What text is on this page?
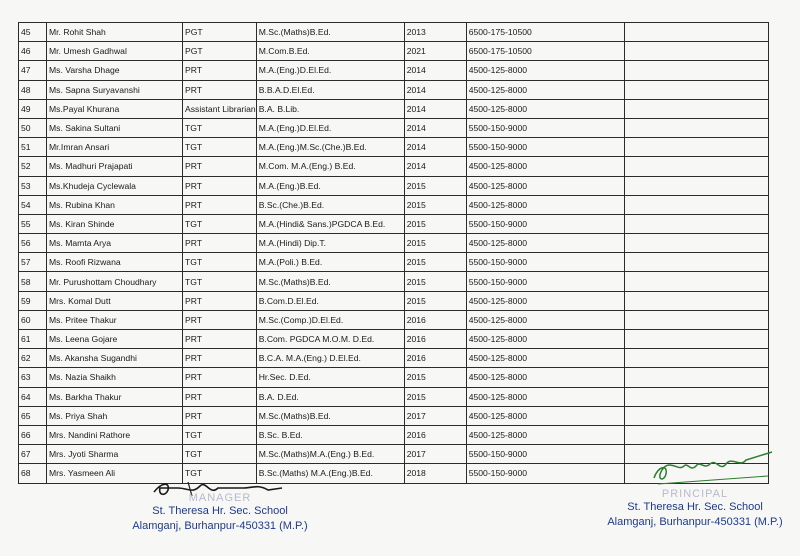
45	Mr. Rohit Shah	PGT	M.Sc.(Maths)B.Ed.	2013	6500-175-10500	
46	Mr. Umesh Gadhwal	PGT	M.Com.B.Ed.	2021	6500-175-10500	
47	Ms. Varsha Dhage	PRT	M.A.(Eng.)D.El.Ed.	2014	4500-125-8000	
48	Ms. Sapna Suryavanshi	PRT	B.B.A.D.El.Ed.	2014	4500-125-8000	
49	Ms.Payal Khurana	Assistant Librarian	B.A. B.Lib.	2014	4500-125-8000	
50	Ms. Sakina Sultani	TGT	M.A.(Eng.)D.El.Ed.	2014	5500-150-9000	
51	Mr.Imran Ansari	TGT	M.A.(Eng.)M.Sc.(Che.)B.Ed.	2014	5500-150-9000	
52	Ms. Madhuri Prajapati	PRT	M.Com. M.A.(Eng.) B.Ed.	2014	4500-125-8000	
53	Ms.Khudeja Cyclewala	PRT	M.A.(Eng.)B.Ed.	2015	4500-125-8000	
54	Ms. Rubina Khan	PRT	B.Sc.(Che.)B.Ed.	2015	4500-125-8000	
55	Ms. Kiran Shinde	TGT	M.A.(Hindi& Sans.)PGDCA B.Ed.	2015	5500-150-9000	
56	Ms. Mamta Arya	PRT	M.A.(Hindi) Dip.T.	2015	4500-125-8000	
57	Ms. Roofi Rizwana	TGT	M.A.(Poli.) B.Ed.	2015	5500-150-9000	
58	Mr. Purushottam Choudhary	TGT	M.Sc.(Maths)B.Ed.	2015	5500-150-9000	
59	Mrs. Komal Dutt	PRT	B.Com.D.El.Ed.	2015	4500-125-8000	
60	Ms. Pritee Thakur	PRT	M.Sc.(Comp.)D.El.Ed.	2016	4500-125-8000	
61	Ms. Leena Gojare	PRT	B.Com. PGDCA M.O.M. D.Ed.	2016	4500-125-8000	
62	Ms. Akansha Sugandhi	PRT	B.C.A. M.A.(Eng.) D.El.Ed.	2016	4500-125-8000	
63	Ms. Nazia Shaikh	PRT	Hr.Sec. D.Ed.	2015	4500-125-8000	
64	Ms. Barkha Thakur	PRT	B.A. D.Ed.	2015	4500-125-8000	
65	Ms. Priya Shah	PRT	M.Sc.(Maths)B.Ed.	2017	4500-125-8000	
66	Mrs. Nandini Rathore	TGT	B.Sc. B.Ed.	2016	4500-125-8000	
67	Mrs. Jyoti Sharma	TGT	M.Sc.(Maths)M.A.(Eng.) B.Ed.	2017	5500-150-9000	
68	Mrs. Yasmeen Ali	TGT	B.Sc.(Maths) M.A.(Eng.)B.Ed.	2018	5500-150-9000	
MANAGER
St. Theresa Hr. Sec. School
Alamganj, Burhanpur-450331 (M.P.)
PRINCIPAL
St. Theresa Hr. Sec. School
Alamganj, Burhanpur-450331 (M.P.)
